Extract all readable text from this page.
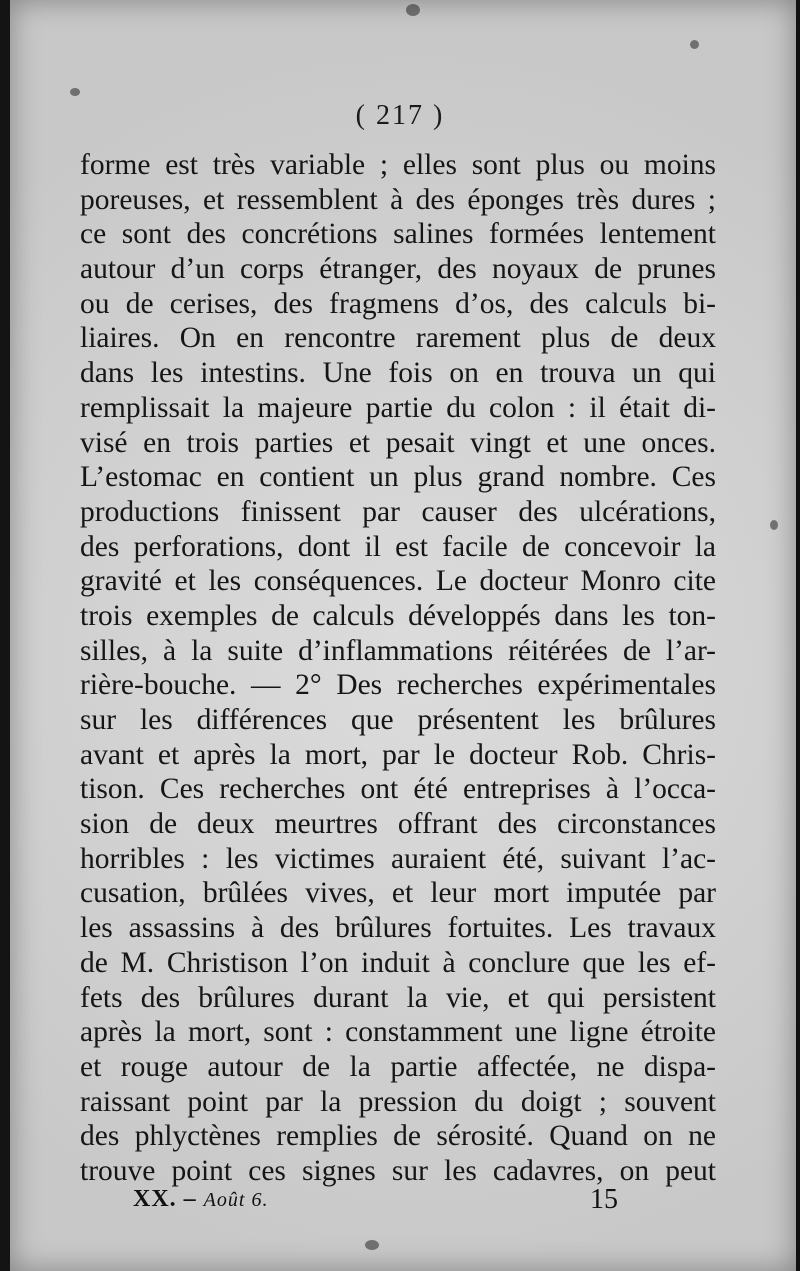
( 217 )
forme est très variable ; elles sont plus ou moins
poreuses, et ressemblent à des éponges très dures ;
ce sont des concrétions salines formées lentement
autour d’un corps étranger, des noyaux de prunes
ou de cerises, des fragmens d’os, des calculs bi-
liaires. On en rencontre rarement plus de deux
dans les intestins. Une fois on en trouva un qui
remplissait la majeure partie du colon : il était di-
visé en trois parties et pesait vingt et une onces.
L’estomac en contient un plus grand nombre. Ces
productions finissent par causer des ulcérations,
des perforations, dont il est facile de concevoir la
gravité et les conséquences. Le docteur Monro cite
trois exemples de calculs développés dans les ton-
silles, à la suite d’inflammations réitérées de l’ar-
rière-bouche. — 2° Des recherches expérimentales
sur les différences que présentent les brûlures
avant et après la mort, par le docteur Rob. Chris-
tison. Ces recherches ont été entreprises à l’occa-
sion de deux meurtres offrant des circonstances
horribles : les victimes auraient été, suivant l’ac-
cusation, brûlées vives, et leur mort imputée par
les assassins à des brûlures fortuites. Les travaux
de M. Christison l’on induit à conclure que les ef-
fets des brûlures durant la vie, et qui persistent
après la mort, sont : constamment une ligne étroite
et rouge autour de la partie affectée, ne dispa-
raissant point par la pression du doigt ; souvent
des phlyctènes remplies de sérosité. Quand on ne
trouve point ces signes sur les cadavres, on peut
XX. – Août 6.	15
